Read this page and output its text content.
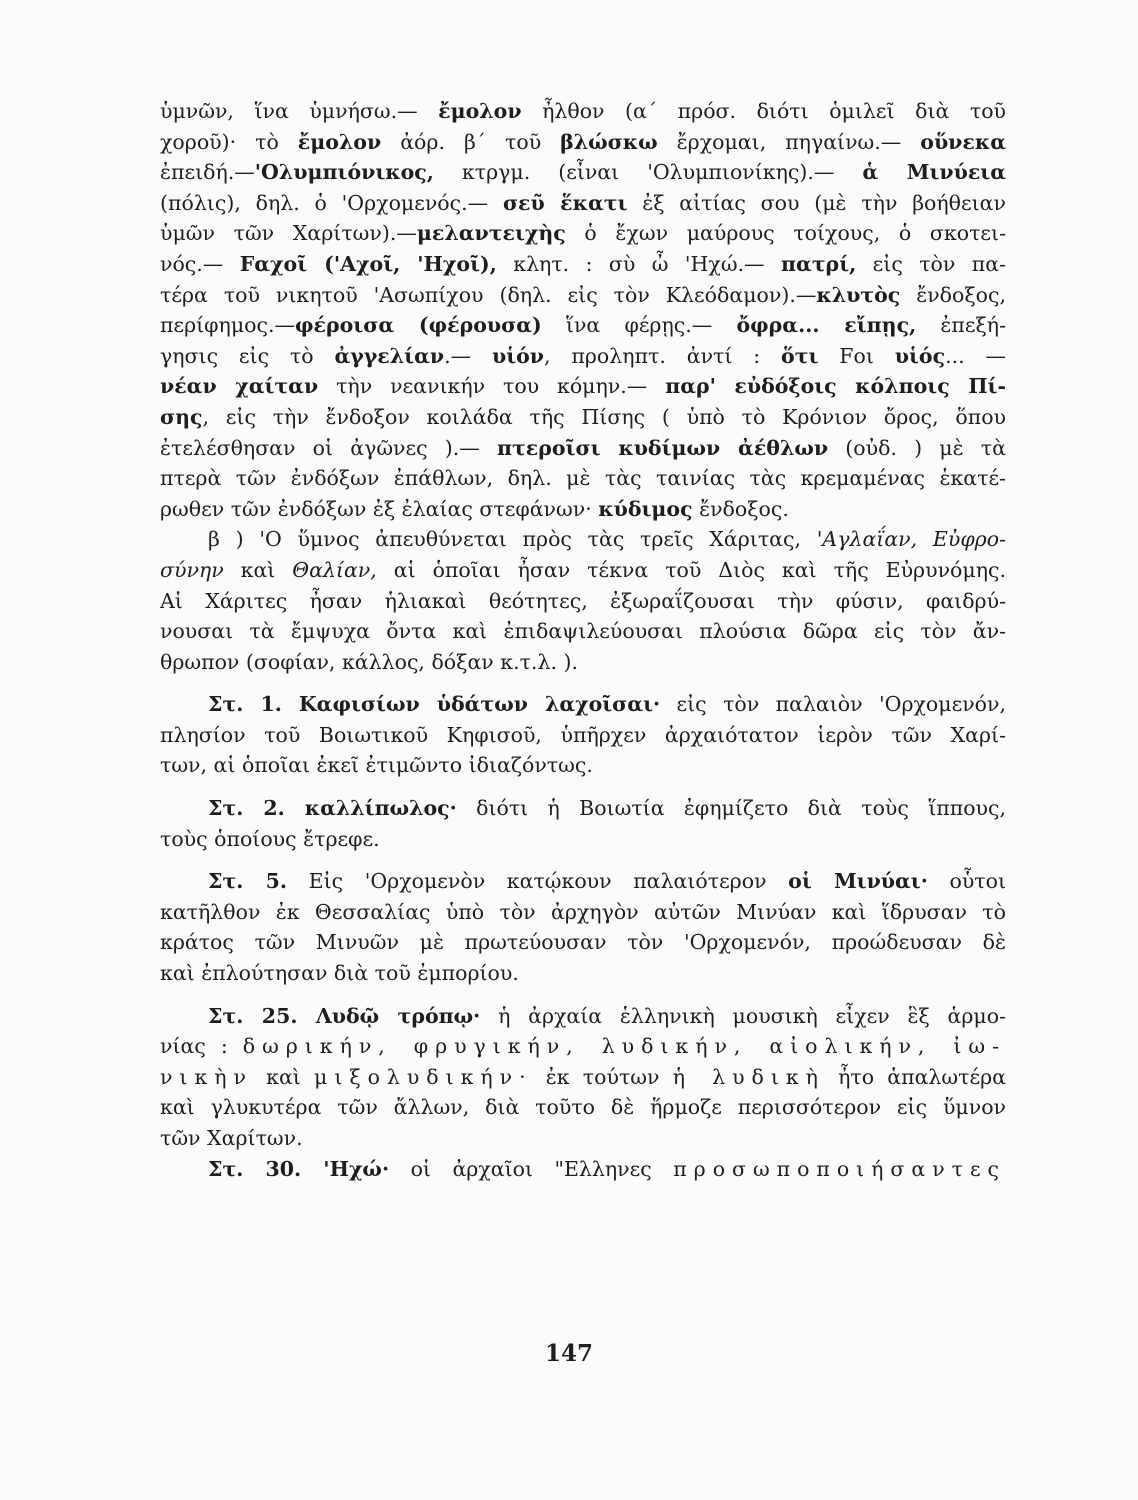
ὑμνῶν, ἵνα ὑμνήσω.— ἔμολον ἦλθον (α΄ πρόσ. διότι ὁμιλεῖ διὰ τοῦ
χοροῦ)· τὸ ἔμολον ἀόρ. β΄ τοῦ βλώσκω ἔρχομαι, πηγαίνω.— οὕνεκα
ἐπειδή.—'Ολυμπιόνικος, κτργμ. (εἶναι 'Ολυμπιονίκης).— ἁ Μινύεια
(πόλις), δηλ. ὁ 'Ορχομενός.— σεῦ ἕκατι ἐξ αἰτίας σου (μὲ τὴν βοήθειαν
ὑμῶν τῶν Χαρίτων).—μελαντειχὴς ὁ ἔχων μαύρους τοίχους, ὁ σκοτει-
νός.— Fαχοῖ ('Αχοῖ, 'Ηχοῖ), κλητ. : σὺ ὦ 'Ηχώ.— πατρί, εἰς τὸν πα-
τέρα τοῦ νικητοῦ 'Ασωπίχου (δηλ. εἰς τὸν Κλεόδαμον).—κλυτὸς ἔνδοξος,
περίφημος.—φέροισα (φέρουσα) ἵνα φέρῃς.— ὄφρα... εἴπῃς, ἐπεξή-
γησις εἰς τὸ ἀγγελίαν.— υἱόν, προληπτ. ἀντί : ὅτι Fοι υἱός... —
νέαν χαίταν τὴν νεανικήν του κόμην.— παρ' εὐδόξοις κόλποις Πί-
σης, εἰς τὴν ἔνδοξον κοιλάδα τῆς Πίσης ( ὑπὸ τὸ Κρόνιον ὄρος, ὅπου
ἐτελέσθησαν οἱ ἀγῶνες ).— πτεροῖσι κυδίμων ἀέθλων (οὐδ. ) μὲ τὰ
πτερὰ τῶν ἐνδόξων ἐπάθλων, δηλ. μὲ τὰς ταινίας τὰς κρεμαμένας ἑκατέ-
ρωθεν τῶν ἐνδόξων ἐξ ἐλαίας στεφάνων· κύδιμος ἔνδοξος.
β ) 'Ο ὕμνος ἀπευθύνεται πρὸς τὰς τρεῖς Χάριτας, 'Αγλαΐαν, Εὐφρο-
σύνην καὶ Θαλίαν, αἱ ὁποῖαι ἦσαν τέκνα τοῦ Διὸς καὶ τῆς Εὐρυνόμης.
Αἱ Χάριτες ἦσαν ἡλιακαὶ θεότητες, ἐξωραΐζουσαι τὴν φύσιν, φαιδρύ-
νουσαι τὰ ἔμψυχα ὄντα καὶ ἐπιδαψιλεύουσαι πλούσια δῶρα εἰς τὸν ἄν-
θρωπον (σοφίαν, κάλλος, δόξαν κ.τ.λ. ).
Στ. 1. Καφισίων ὑδάτων λαχοῖσαι· εἰς τὸν παλαιὸν 'Ορχομενόν,
πλησίον τοῦ Βοιωτικοῦ Κηφισοῦ, ὑπῆρχεν ἀρχαιότατον ἱερὸν τῶν Χαρί-
των, αἱ ὁποῖαι ἐκεῖ ἐτιμῶντο ἰδιαζόντως.
Στ. 2. καλλίπωλος· διότι ἡ Βοιωτία ἐφημίζετο διὰ τοὺς ἵππους,
τοὺς ὁποίους ἔτρεφε.
Στ. 5. Εἰς 'Ορχομενὸν κατῴκουν παλαιότερον οἱ Μινύαι· οὗτοι
κατῆλθον ἐκ Θεσσαλίας ὑπὸ τὸν ἀρχηγὸν αὐτῶν Μινύαν καὶ ἵδρυσαν τὸ
κράτος τῶν Μινυῶν μὲ πρωτεύουσαν τὸν 'Ορχομενόν, προώδευσαν δὲ
καὶ ἐπλούτησαν διὰ τοῦ ἐμπορίου.
Στ. 25. Λυδῷ τρόπῳ· ἡ ἀρχαία ἑλληνικὴ μουσικὴ εἶχεν ἓξ ἁρμο-
νίας : δωρικήν, φρυγικήν, λυδικήν, αἰολικήν, ἰω-
νικὴν καὶ μιξολυδικήν· ἐκ τούτων ἡ λυδικὴ ἦτο ἁπαλωτέρα
καὶ γλυκυτέρα τῶν ἄλλων, διὰ τοῦτο δὲ ἥρμοζε περισσότερον εἰς ὕμνον
τῶν Χαρίτων.
Στ. 30. 'Ηχώ· οἱ ἀρχαῖοι "Ελληνες προσωποποιήσαντες
147
